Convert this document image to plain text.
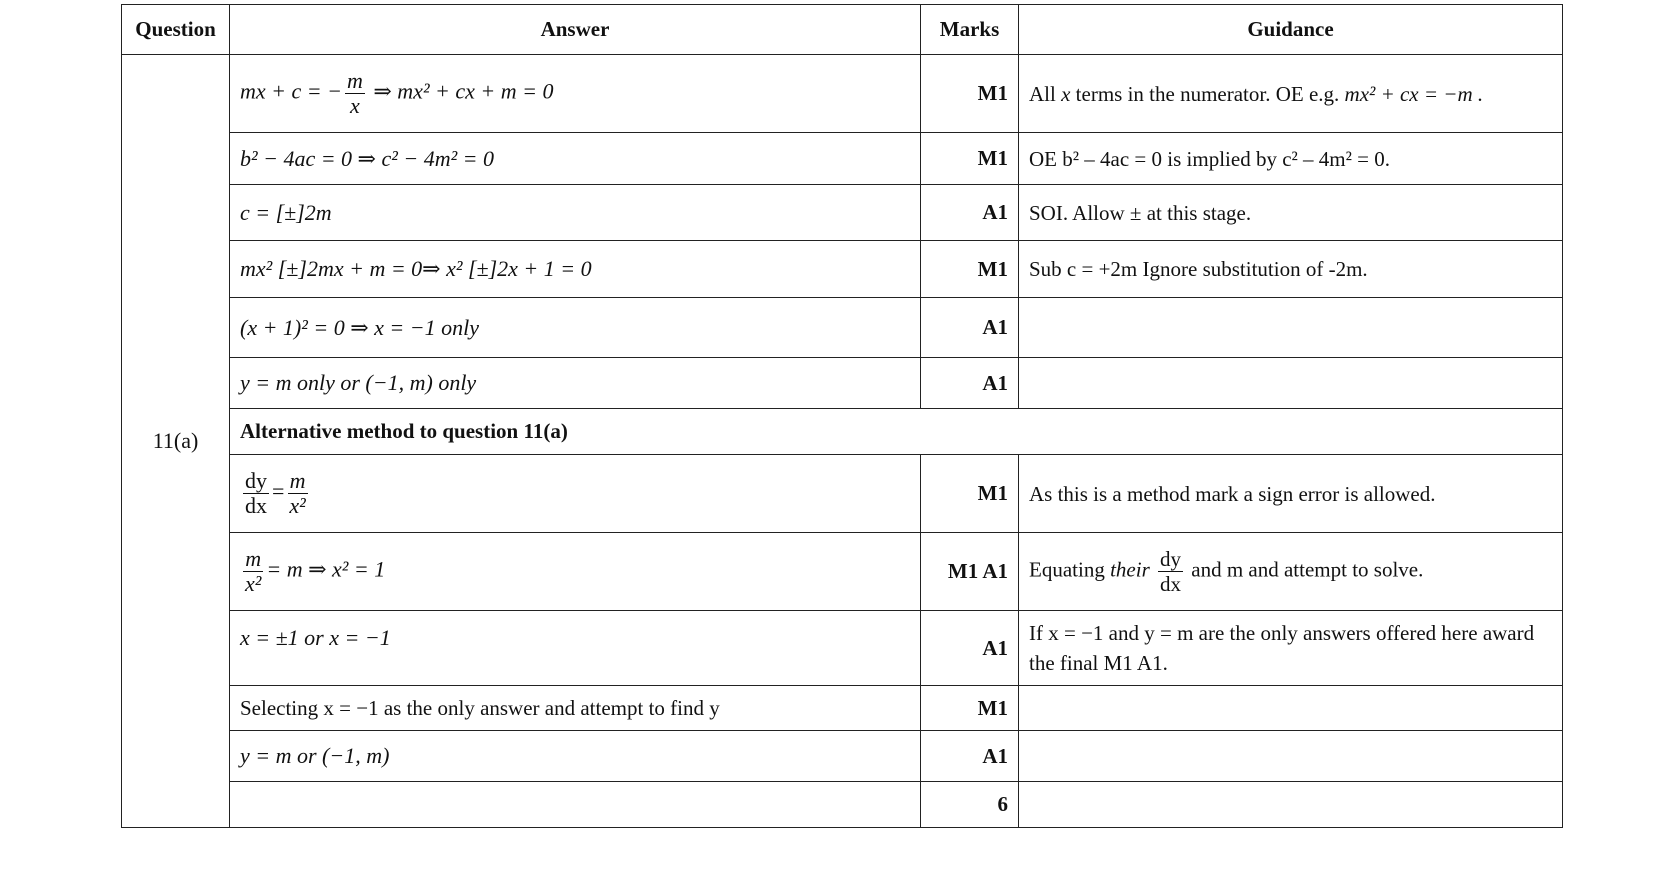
Question	Answer	Marks	Guidance
11(a)	mx + c = − $\frac{m}{x}$ ⇒ mx² + cx + m = 0	M1	All x terms in the numerator. OE e.g. mx² + cx = −m .
	b² − 4ac = 0 ⇒ c² − 4m² = 0	M1	OE b² – 4ac = 0 is implied by c² – 4m² = 0.
	c = [±]2m	A1	SOI. Allow ± at this stage.
	mx² [±]2mx + m = 0⇒ x² [±]2x + 1 = 0	M1	Sub c = +2m Ignore substitution of -2m.
	(x + 1)² = 0 ⇒ x = −1 only	A1	
	y = m only or (−1, m) only	A1	
	Alternative method to question 11(a)		

	$\frac{dy}{dx} = \frac{m}{\text{x²}}$	M1	As this is a method mark a sign error is allowed.

	$\frac{m}{\text{x²}} = m$ ⇒ x² = 1	M1 A1	Equating their $\frac{dy}{dx}$ and m and attempt to solve.
	x = ±1 or x = −1	A1	If x = −1 and y = m are the only answers offered here award the final M1 A1.
	Selecting x = −1 as the only answer and attempt to find y	M1	
	y = m or (−1, m)	A1	
		6	
